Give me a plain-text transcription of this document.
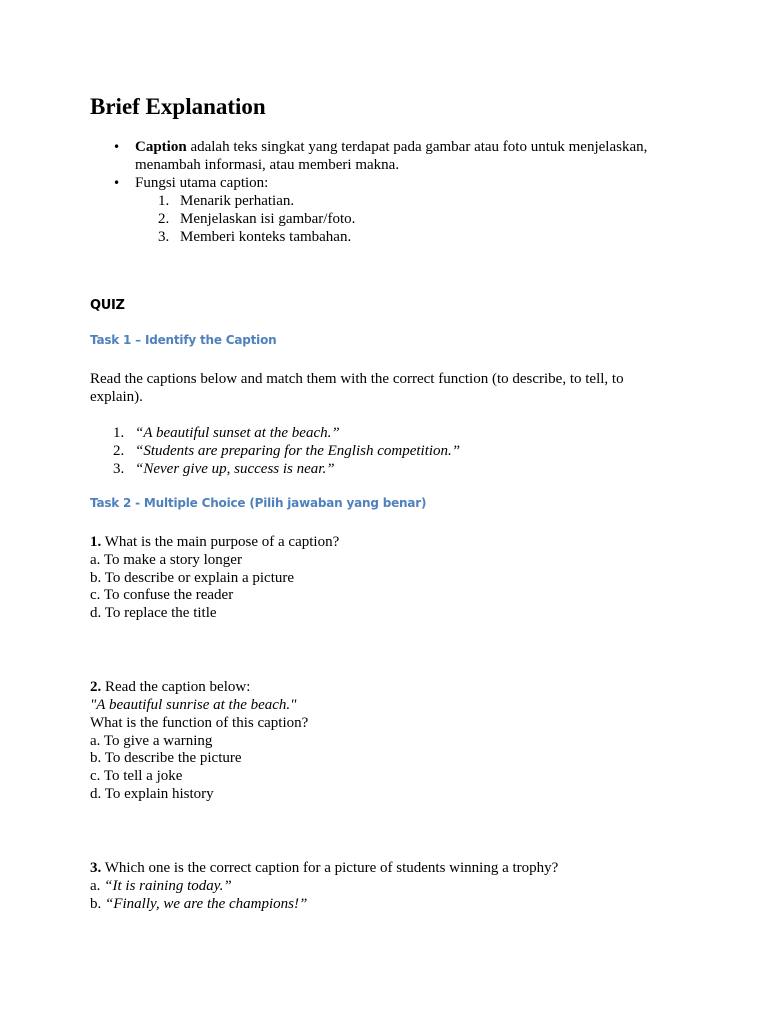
Brief Explanation
• Caption adalah teks singkat yang terdapat pada gambar atau foto untuk menjelaskan,
menambah informasi, atau memberi makna.
• Fungsi utama caption:
1. Menarik perhatian.
2. Menjelaskan isi gambar/foto.
3. Memberi konteks tambahan.
QUIZ
Task 1 – Identify the Caption
Read the captions below and match them with the correct function (to describe, to tell, to
explain).
1. “A beautiful sunset at the beach.”
2. “Students are preparing for the English competition.”
3. “Never give up, success is near.”
Task 2 - Multiple Choice (Pilih jawaban yang benar)
1. What is the main purpose of a caption?
a. To make a story longer
b. To describe or explain a picture
c. To confuse the reader
d. To replace the title
2. Read the caption below:
"A beautiful sunrise at the beach."
What is the function of this caption?
a. To give a warning
b. To describe the picture
c. To tell a joke
d. To explain history
3. Which one is the correct caption for a picture of students winning a trophy?
a. “It is raining today.”
b. “Finally, we are the champions!”
